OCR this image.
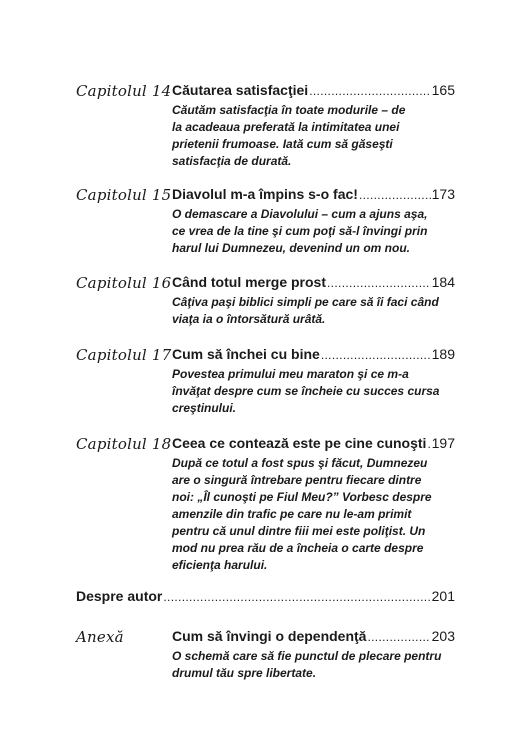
Capitolul 14 Căutarea satisfacţiei . . .	165

Căutăm satisfacţia în toate modurile – de
la acadeaua preferată la intimitatea unei
prietenii frumoase. Iată cum să găseşti
satisfacţia de durată.

Capitolul 15 Diavolul m-a împins s-o fac! . . .	173

O demascare a Diavolului – cum a ajuns aşa,
ce vrea de la tine şi cum poţi să-l învingi prin
harul lui Dumnezeu, devenind un om nou.

Capitolul 16 Când totul merge prost . . .	184

Câţiva paşi biblici simpli pe care să îi faci când
viaţa ia o întorsătură urâtă.

Capitolul 17 Cum să închei cu bine . . .	189

Povestea primului meu maraton şi ce m-a
învăţat despre cum se încheie cu succes cursa
creştinului.

Capitolul 18 Ceea ce contează este pe cine cunoşti . . . 197

După ce totul a fost spus şi făcut, Dumnezeu
are o singură întrebare pentru fiecare dintre
noi: „Îl cunoşti pe Fiul Meu?” Vorbesc despre
amenzile din trafic pe care nu le-am primit
pentru că unul dintre fiii mei este poliţist. Un
mod nu prea rău de a încheia o carte despre
eficienţa harului.

Despre autor . . .	201
Anexă	Cum să învingi o dependenţă . . .	203

O schemă care să fie punctul de plecare pentru
drumul tău spre libertate.
